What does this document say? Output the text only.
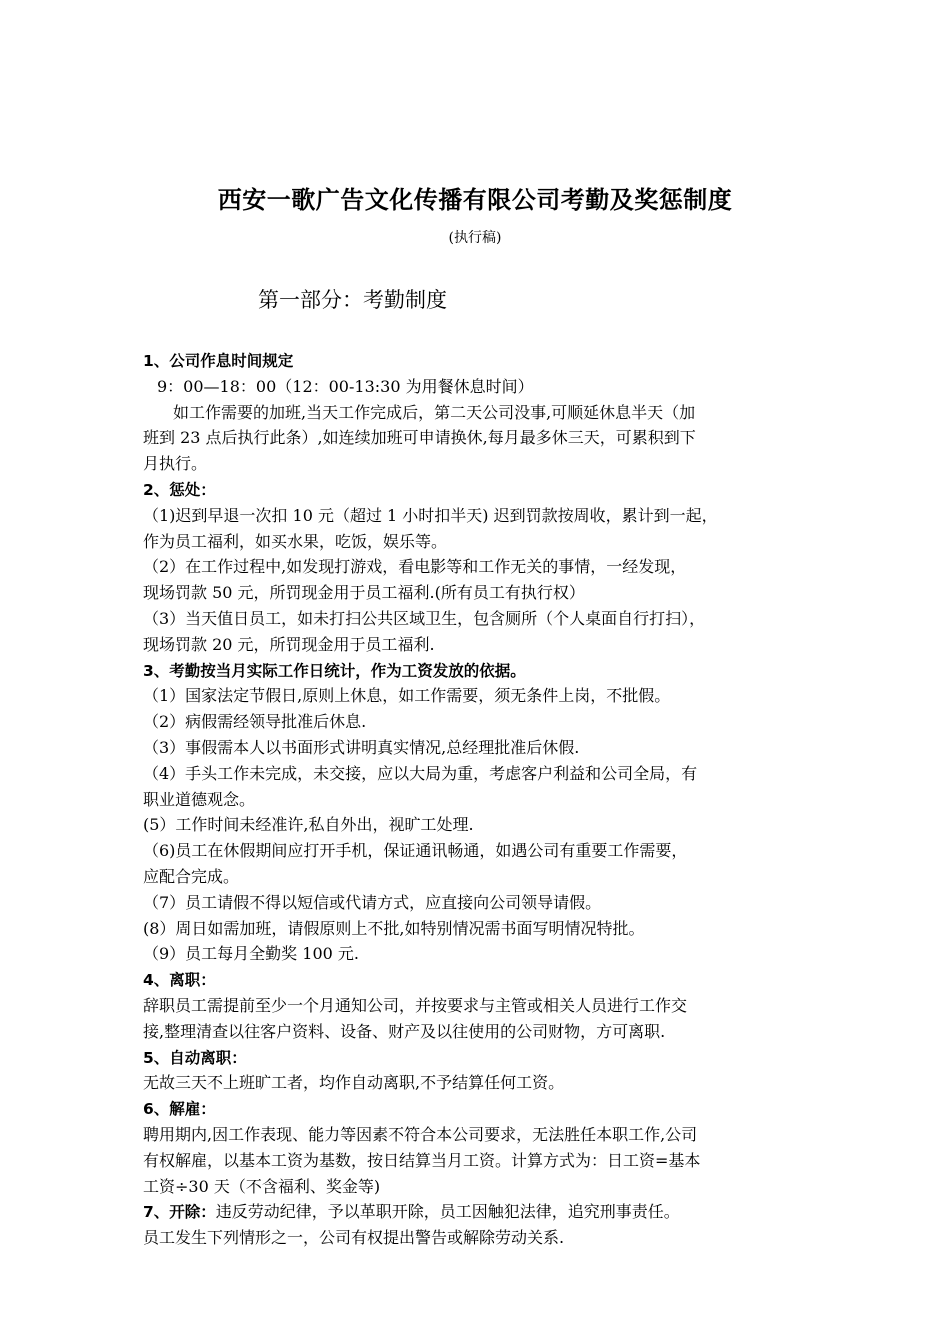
西安一歌广告文化传播有限公司考勤及奖惩制度
(执行稿)
第一部分：考勤制度
1、公司作息时间规定
9：00—18：00（12：00-13:30 为用餐休息时间）
如工作需要的加班,当天工作完成后，第二天公司没事,可顺延休息半天（加
班到 23 点后执行此条）,如连续加班可申请换休,每月最多休三天，可累积到下
月执行。
2、惩处：
（1)迟到早退一次扣 10 元（超过 1 小时扣半天) 迟到罚款按周收，累计到一起，
作为员工福利，如买水果，吃饭，娱乐等。
（2）在工作过程中,如发现打游戏，看电影等和工作无关的事情，一经发现，
现场罚款 50 元，所罚现金用于员工福利.(所有员工有执行权）
（3）当天值日员工，如未打扫公共区域卫生，包含厕所（个人桌面自行打扫），
现场罚款 20 元，所罚现金用于员工福利.
3、考勤按当月实际工作日统计，作为工资发放的依据。
（1）国家法定节假日,原则上休息，如工作需要，须无条件上岗，不批假。
（2）病假需经领导批准后休息.
（3）事假需本人以书面形式讲明真实情况,总经理批准后休假.
（4）手头工作未完成，未交接，应以大局为重，考虑客户利益和公司全局，有
职业道德观念。
(5）工作时间未经准许,私自外出，视旷工处理.
（6)员工在休假期间应打开手机，保证通讯畅通，如遇公司有重要工作需要，
应配合完成。
（7）员工请假不得以短信或代请方式，应直接向公司领导请假。
(8）周日如需加班，请假原则上不批,如特别情况需书面写明情况特批。
（9）员工每月全勤奖 100 元.
4、离职：
辞职员工需提前至少一个月通知公司，并按要求与主管或相关人员进行工作交
接,整理清查以往客户资料、设备、财产及以往使用的公司财物，方可离职.
5、自动离职：
无故三天不上班旷工者，均作自动离职,不予结算任何工资。
6、解雇：
聘用期内,因工作表现、能力等因素不符合本公司要求，无法胜任本职工作,公司
有权解雇，以基本工资为基数，按日结算当月工资。计算方式为：日工资=基本
工资÷30 天（不含福利、奖金等)
7、开除：违反劳动纪律，予以革职开除，员工因触犯法律，追究刑事责任。
员工发生下列情形之一，公司有权提出警告或解除劳动关系.
